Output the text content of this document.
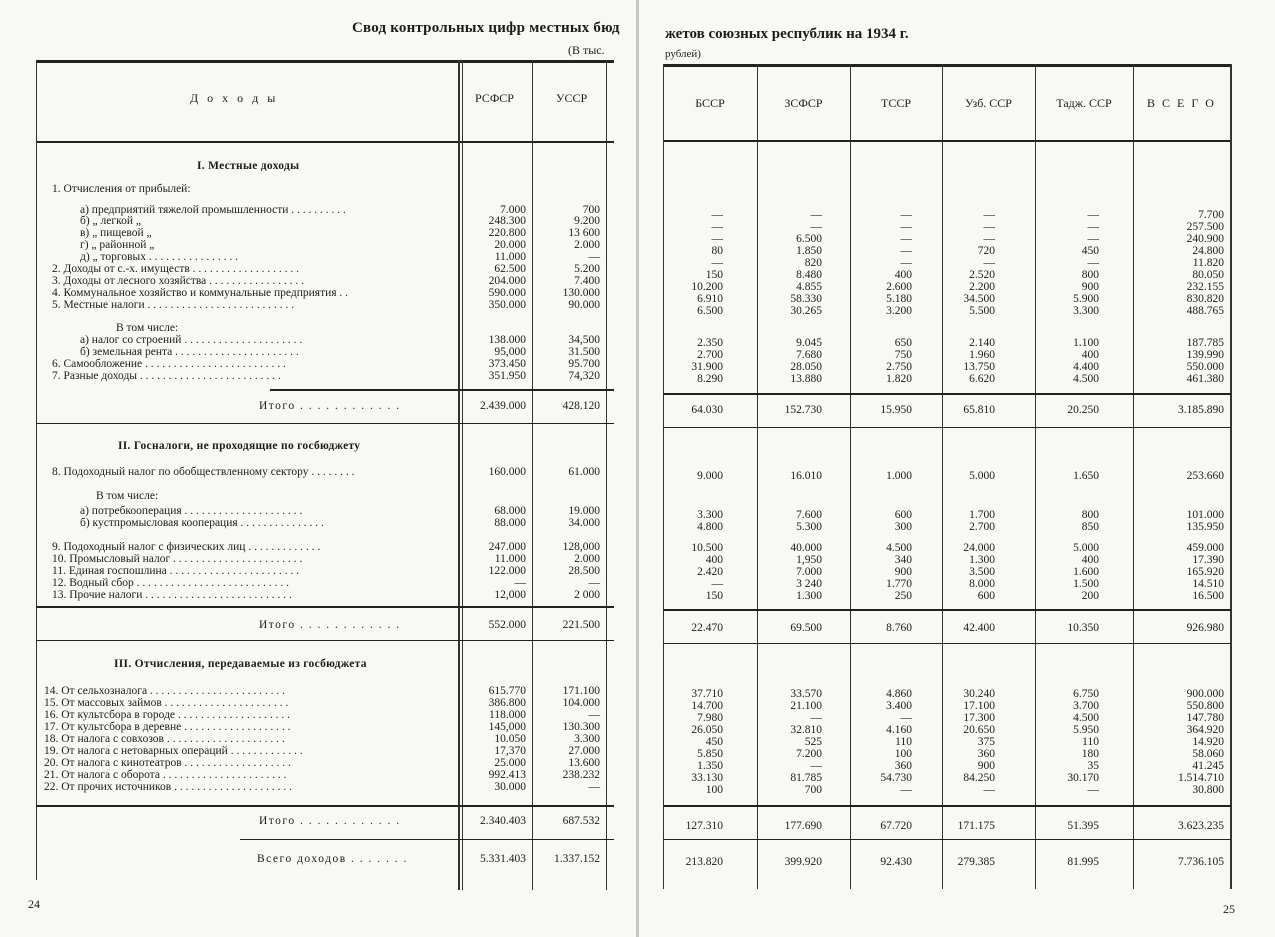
Свод контрольных цифр местных бюд
(В тыс.
Д о х о д ы	РСФСР	УССР
I. Местные доходы
II. Госналоги, не проходящие по госбюджету
III. Отчисления, передаваемые из госбюджета
1. Отчисления от прибылей:
а) предприятий тяжелой промышленности . . . . . . . . . .	7.000	700
б) „ легкой „	248.300	9.200
в) „ пищевой „	220.800	13 600
г) „ районной „	20.000	2.000
д) „ торговых . . . . . . . . . . . . . . . .	11.000	—
2. Доходы от с.-х. имуществ . . . . . . . . . . . . . . . . . . .	62.500	5.200
3. Доходы от лесного хозяйства . . . . . . . . . . . . . . . . .	204.000	7.400
4. Коммунальное хозяйство и коммунальные предприятия . .	590.000	130.000
5. Местные налоги . . . . . . . . . . . . . . . . . . . . . . . . . .	350.000	90.000
В том числе:
а) налог со строений . . . . . . . . . . . . . . . . . . . . .	138.000	34,500
б) земельная рента . . . . . . . . . . . . . . . . . . . . . .	95,000	31.500
6. Самообложение . . . . . . . . . . . . . . . . . . . . . . . . .	373.450	95.700
7. Разные доходы . . . . . . . . . . . . . . . . . . . . . . . . .	351.950	74,320
Итого . . . . . . . . . . . .	2.439.000	428.120
8. Подоходный налог по обобществленному сектору . . . . . . . .	160.000	61.000
В том числе:
а) потребкооперация . . . . . . . . . . . . . . . . . . . . .	68.000	19.000
б) кустпромысловая кооперация . . . . . . . . . . . . . . .	88.000	34.000
9. Подоходный налог с физических лиц . . . . . . . . . . . . .	247.000	128,000
10. Промысловый налог . . . . . . . . . . . . . . . . . . . . . . .	11.000	2.000
11. Единая госпошлина . . . . . . . . . . . . . . . . . . . . . . .	122.000	28.500
12. Водный сбор . . . . . . . . . . . . . . . . . . . . . . . . . . .	—	—
13. Прочие налоги . . . . . . . . . . . . . . . . . . . . . . . . . .	12,000	2 000
Итого . . . . . . . . . . . .	552.000	221.500
14. От сельхозналога . . . . . . . . . . . . . . . . . . . . . . . .	615.770	171.100
15. От массовых займов . . . . . . . . . . . . . . . . . . . . . .	386.800	104.000
16. От культсбора в городе . . . . . . . . . . . . . . . . . . . .	118.000	—
17. От культсбора в деревне . . . . . . . . . . . . . . . . . . .	145,000	130.300
18. От налога с совхозов . . . . . . . . . . . . . . . . . . . . .	10.050	3.300
19. От налога с нетоварных операций . . . . . . . . . . . . .	17,370	27.000
20. От налога с кинотеатров . . . . . . . . . . . . . . . . . . .	25.000	13.600
21. От налога с оборота . . . . . . . . . . . . . . . . . . . . . .	992.413	238.232
22. От прочих источников . . . . . . . . . . . . . . . . . . . . .	30.000	—
Итого . . . . . . . . . . . .	2.340.403	687.532
Всего доходов . . . . . . .	5.331.403	1.337.152
24
жетов союзных республик на 1934 г.
рублей)
БССР	ЗСФСР	ТССР	Узб. ССР	Тадж. ССР	В С Е Г О
—	—	—	—	—	7.700
—	—	—	—	—	257.500
—	6.500	—	—	—	240.900
80	1.850	—	720	450	24.800
—	820	—	—	—	11.820
150	8.480	400	2.520	800	80.050
10.200	4.855	2.600	2.200	900	232.155
6.910	58.330	5.180	34.500	5.900	830.820
6.500	30.265	3.200	5.500	3.300	488.765
2.350	9.045	650	2.140	1.100	187.785
2.700	7.680	750	1.960	400	139.990
31.900	28.050	2.750	13.750	4.400	550.000
8.290	13.880	1.820	6.620	4.500	461.380
64.030	152.730	15.950	65.810	20.250	3.185.890
9.000	16.010	1.000	5.000	1.650	253.660
3.300	7.600	600	1.700	800	101.000
4.800	5.300	300	2.700	850	135.950
10.500	40.000	4.500	24.000	5.000	459.000
400	1,950	340	1.300	400	17.390
2.420	7.000	900	3.500	1.600	165.920
—	3 240	1.770	8.000	1.500	14.510
150	1.300	250	600	200	16.500
22.470	69.500	8.760	42.400	10.350	926.980
37.710	33.570	4.860	30.240	6.750	900.000
14.700	21.100	3.400	17.100	3.700	550.800
7.980	—	—	17.300	4.500	147.780
26.050	32.810	4.160	20.650	5.950	364.920
450	525	110	375	110	14.920
5.850	7.200	100	360	180	58.060
1.350	—	360	900	35	41.245
33.130	81.785	54.730	84.250	30.170	1.514.710
100	700	—	—	—	30.800
127.310	177.690	67.720	171.175	51.395	3.623.235
213.820	399.920	92.430	279.385	81.995	7.736.105
25
